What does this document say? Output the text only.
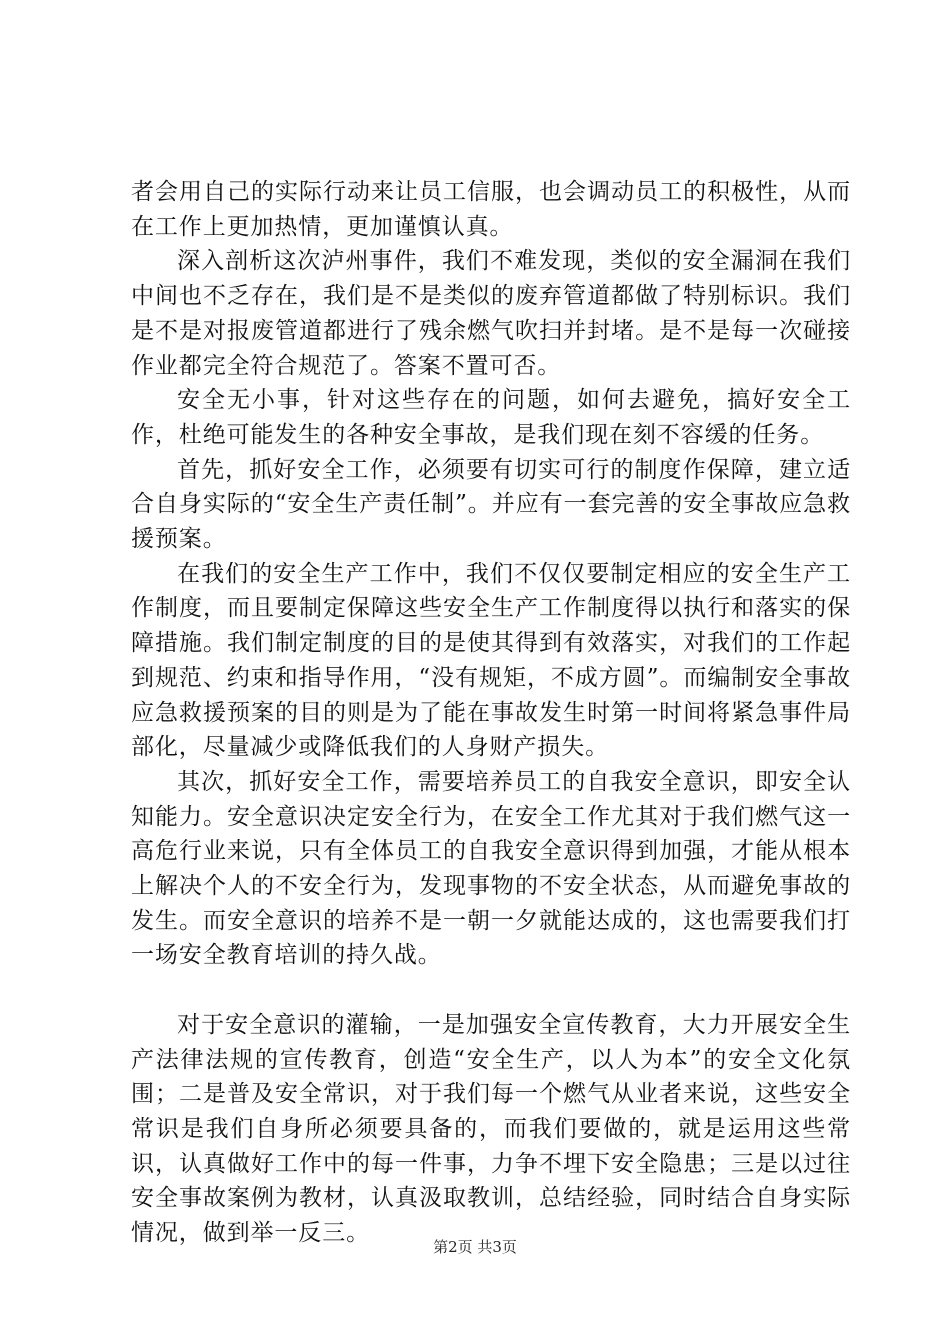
者会用自己的实际行动来让员工信服，也会调动员工的积极性，从而在工作上更加热情，更加谨慎认真。

深入剖析这次泸州事件，我们不难发现，类似的安全漏洞在我们中间也不乏存在，我们是不是类似的废弃管道都做了特别标识。我们是不是对报废管道都进行了残余燃气吹扫并封堵。是不是每一次碰接作业都完全符合规范了。答案不置可否。

安全无小事，针对这些存在的问题，如何去避免，搞好安全工作，杜绝可能发生的各种安全事故，是我们现在刻不容缓的任务。

首先，抓好安全工作，必须要有切实可行的制度作保障，建立适合自身实际的“安全生产责任制”。并应有一套完善的安全事故应急救援预案。

在我们的安全生产工作中，我们不仅仅要制定相应的安全生产工作制度，而且要制定保障这些安全生产工作制度得以执行和落实的保障措施。我们制定制度的目的是使其得到有效落实，对我们的工作起到规范、约束和指导作用，“没有规矩，不成方圆”。而编制安全事故应急救援预案的目的则是为了能在事故发生时第一时间将紧急事件局部化，尽量减少或降低我们的人身财产损失。

其次，抓好安全工作，需要培养员工的自我安全意识，即安全认知能力。安全意识决定安全行为，在安全工作尤其对于我们燃气这一高危行业来说，只有全体员工的自我安全意识得到加强，才能从根本上解决个人的不安全行为，发现事物的不安全状态，从而避免事故的发生。而安全意识的培养不是一朝一夕就能达成的，这也需要我们打一场安全教育培训的持久战。

对于安全意识的灌输，一是加强安全宣传教育，大力开展安全生产法律法规的宣传教育，创造“安全生产，以人为本”的安全文化氛围；二是普及安全常识，对于我们每一个燃气从业者来说，这些安全常识是我们自身所必须要具备的，而我们要做的，就是运用这些常识，认真做好工作中的每一件事，力争不埋下安全隐患；三是以过往安全事故案例为教材，认真汲取教训，总结经验，同时结合自身实际情况，做到举一反三。

第2页 共3页
